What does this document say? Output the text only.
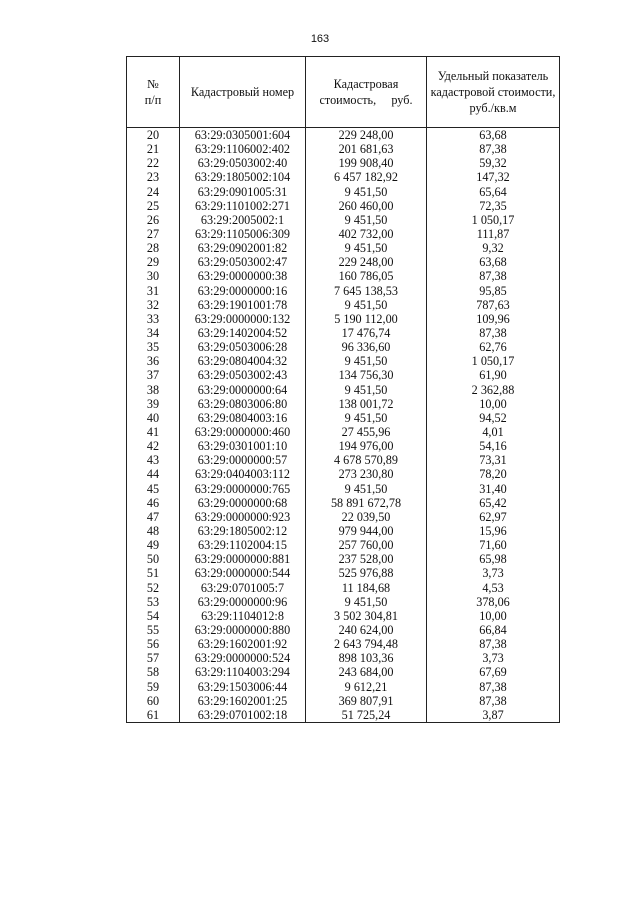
163
№
п/п	Кадастровый номер	Кадастровая стоимость,     руб.	Удельный показатель кадастровой стоимости, руб./кв.м
20	63:29:0305001:604	229 248,00	63,68
21	63:29:1106002:402	201 681,63	87,38
22	63:29:0503002:40	199 908,40	59,32
23	63:29:1805002:104	6 457 182,92	147,32
24	63:29:0901005:31	9 451,50	65,64
25	63:29:1101002:271	260 460,00	72,35
26	63:29:2005002:1	9 451,50	1 050,17
27	63:29:1105006:309	402 732,00	111,87
28	63:29:0902001:82	9 451,50	9,32
29	63:29:0503002:47	229 248,00	63,68
30	63:29:0000000:38	160 786,05	87,38
31	63:29:0000000:16	7 645 138,53	95,85
32	63:29:1901001:78	9 451,50	787,63
33	63:29:0000000:132	5 190 112,00	109,96
34	63:29:1402004:52	17 476,74	87,38
35	63:29:0503006:28	96 336,60	62,76
36	63:29:0804004:32	9 451,50	1 050,17
37	63:29:0503002:43	134 756,30	61,90
38	63:29:0000000:64	9 451,50	2 362,88
39	63:29:0803006:80	138 001,72	10,00
40	63:29:0804003:16	9 451,50	94,52
41	63:29:0000000:460	27 455,96	4,01
42	63:29:0301001:10	194 976,00	54,16
43	63:29:0000000:57	4 678 570,89	73,31
44	63:29:0404003:112	273 230,80	78,20
45	63:29:0000000:765	9 451,50	31,40
46	63:29:0000000:68	58 891 672,78	65,42
47	63:29:0000000:923	22 039,50	62,97
48	63:29:1805002:12	979 944,00	15,96
49	63:29:1102004:15	257 760,00	71,60
50	63:29:0000000:881	237 528,00	65,98
51	63:29:0000000:544	525 976,88	3,73
52	63:29:0701005:7	11 184,68	4,53
53	63:29:0000000:96	9 451,50	378,06
54	63:29:1104012:8	3 502 304,81	10,00
55	63:29:0000000:880	240 624,00	66,84
56	63:29:1602001:92	2 643 794,48	87,38
57	63:29:0000000:524	898 103,36	3,73
58	63:29:1104003:294	243 684,00	67,69
59	63:29:1503006:44	9 612,21	87,38
60	63:29:1602001:25	369 807,91	87,38
61	63:29:0701002:18	51 725,24	3,87
